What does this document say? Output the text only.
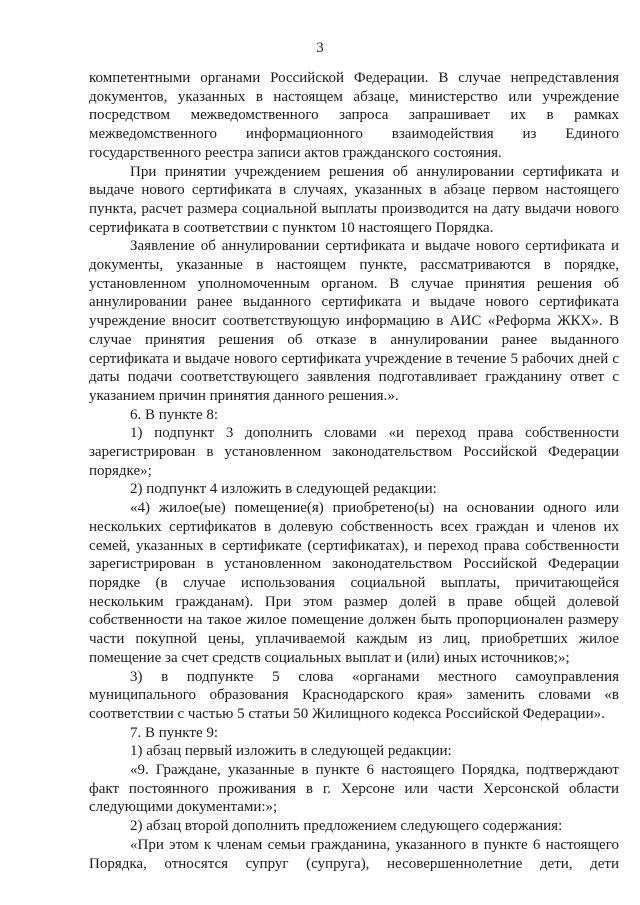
3

компетентными органами Российской Федерации. В случае непредставления документов, указанных в настоящем абзаце, министерство или учреждение посредством межведомственного запроса запрашивает их в рамках межведомственного информационного взаимодействия из Единого государственного реестра записи актов гражданского состояния.

При принятии учреждением решения об аннулировании сертификата и выдаче нового сертификата в случаях, указанных в абзаце первом настоящего пункта, расчет размера социальной выплаты производится на дату выдачи нового сертификата в соответствии с пунктом 10 настоящего Порядка.

Заявление об аннулировании сертификата и выдаче нового сертификата и документы, указанные в настоящем пункте, рассматриваются в порядке, установленном уполномоченным органом. В случае принятия решения об аннулировании ранее выданного сертификата и выдаче нового сертификата учреждение вносит соответствующую информацию в АИС «Реформа ЖКХ». В случае принятия решения об отказе в аннулировании ранее выданного сертификата и выдаче нового сертификата учреждение в течение 5 рабочих дней с даты подачи соответствующего заявления подготавливает гражданину ответ с указанием причин принятия данного решения.».

6. В пункте 8:

1) подпункт 3 дополнить словами «и переход права собственности зарегистрирован в установленном законодательством Российской Федерации порядке»;

2) подпункт 4 изложить в следующей редакции:

«4) жилое(ые) помещение(я) приобретено(ы) на основании одного или нескольких сертификатов в долевую собственность всех граждан и членов их семей, указанных в сертификате (сертификатах), и переход права собственности зарегистрирован в установленном законодательством Российской Федерации порядке (в случае использования социальной выплаты, причитающейся нескольким гражданам). При этом размер долей в праве общей долевой собственности на такое жилое помещение должен быть пропорционален размеру части покупной цены, уплачиваемой каждым из лиц, приобретших жилое помещение за счет средств социальных выплат и (или) иных источников;»;

3) в подпункте 5 слова «органами местного самоуправления муниципального образования Краснодарского края» заменить словами «в соответствии с частью 5 статьи 50 Жилищного кодекса Российской Федерации».

7. В пункте 9:

1) абзац первый изложить в следующей редакции:

«9. Граждане, указанные в пункте 6 настоящего Порядка, подтверждают факт постоянного проживания в г. Херсоне или части Херсонской области следующими документами:»;

2) абзац второй дополнить предложением следующего содержания:

«При этом к членам семьи гражданина, указанного в пункте 6 настоящего Порядка, относятся супруг (супруга), несовершеннолетние дети, дети
